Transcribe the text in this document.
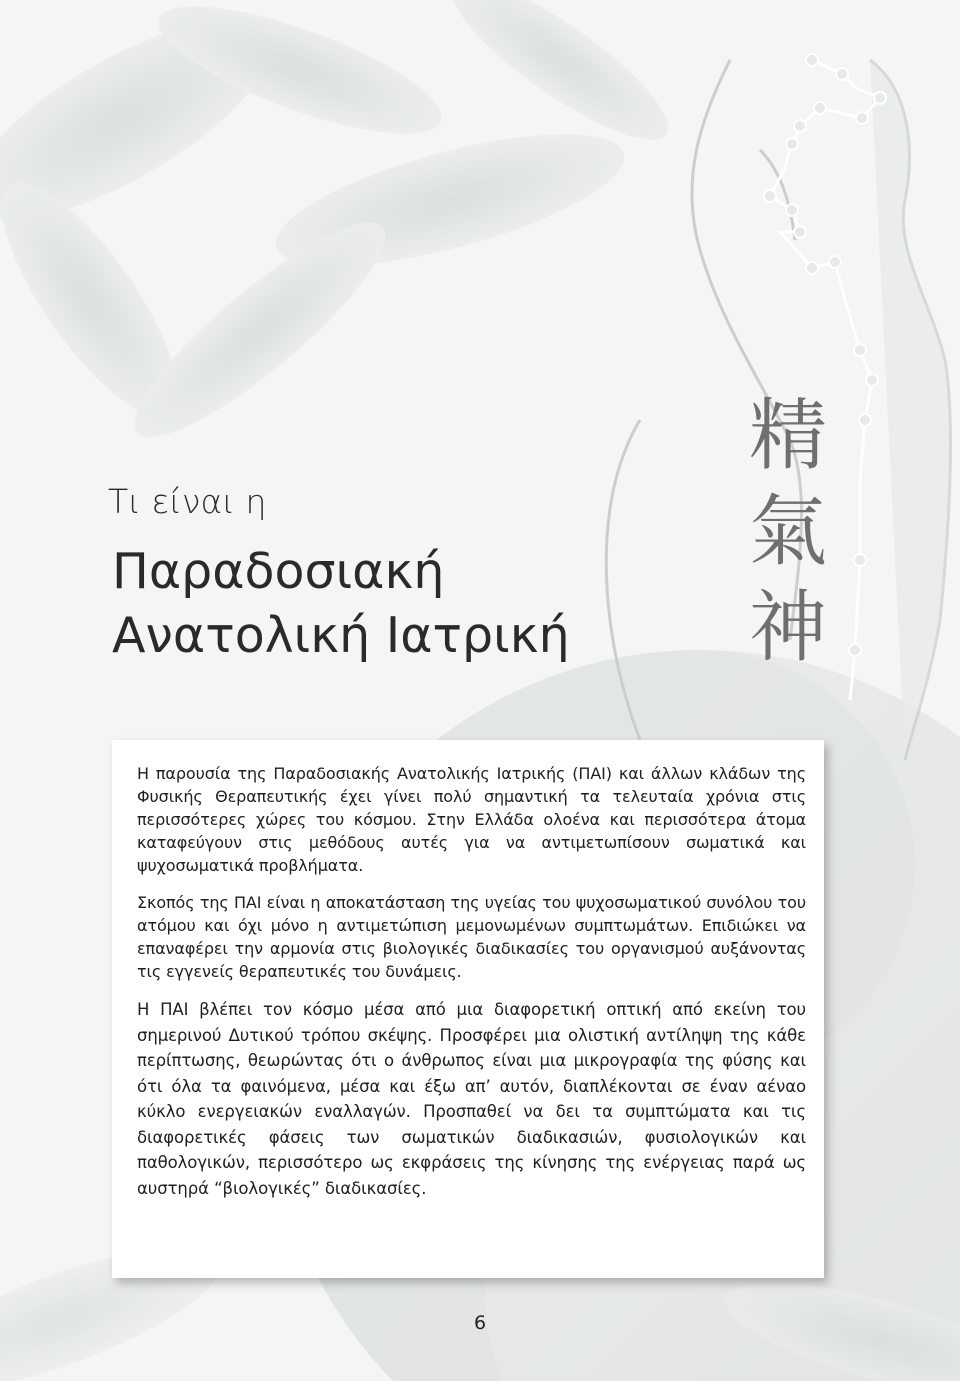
Τι είναι η

Παραδοσιακή
Ανατολική Ιατρική
精
氣
神

Η παρουσία της Παραδοσιακής Ανατολικής Ιατρικής (ΠΑΙ) και άλλων κλάδων της Φυσικής Θεραπευτικής έχει γίνει πολύ σημαντική τα τελευταία χρόνια στις περισσότερες χώρες του κόσμου. Στην Ελλάδα ολοένα και περισσότερα άτομα καταφεύγουν στις μεθόδους αυτές για να αντιμετωπίσουν σωματικά και ψυχοσωματικά προβλήματα.

Σκοπός της ΠΑΙ είναι η αποκατάσταση της υγείας του ψυχοσωματικού συνόλου του ατόμου και όχι μόνο η αντιμετώπιση μεμονωμένων συμπτωμάτων. Επιδιώκει να επαναφέρει την αρμονία στις βιολογικές διαδικασίες του οργανισμού αυξάνοντας τις εγγενείς θεραπευτικές του δυνάμεις.

Η ΠΑΙ βλέπει τον κόσμο μέσα από μια διαφορετική οπτική από εκείνη του σημερινού Δυτικού τρόπου σκέψης. Προσφέρει μια ολιστική αντίληψη της κάθε περίπτωσης, θεωρώντας ότι ο άνθρωπος είναι μια μικρογραφία της φύσης και ότι όλα τα φαινόμενα, μέσα και έξω απ’ αυτόν, διαπλέκονται σε έναν αέναο κύκλο ενεργειακών εναλλαγών. Προσπαθεί να δει τα συμπτώματα και τις διαφορετικές φάσεις των σωματικών διαδικασιών, φυσιολογικών και παθολογικών, περισσότερο ως εκφράσεις της κίνησης της ενέργειας παρά ως αυστηρά “βιολογικές” διαδικασίες.

6
